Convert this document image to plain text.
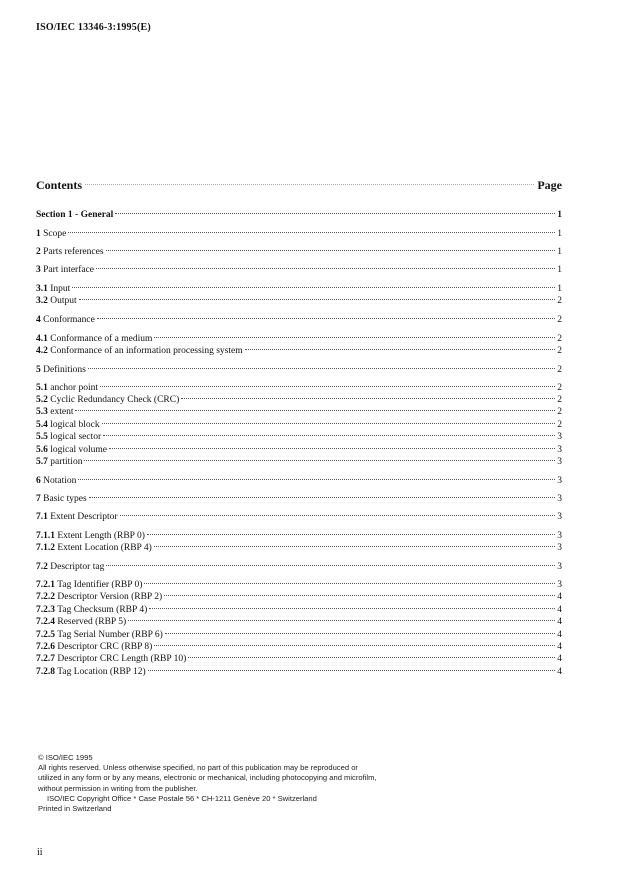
ISO/IEC 13346-3:1995(E)
Contents	Page
Section 1 - General	1
1 Scope	1
2 Parts references	1
3 Part interface	1
3.1 Input	1
3.2 Output	2
4 Conformance	2
4.1 Conformance of a medium	2
4.2 Conformance of an information processing system	2
5 Definitions	2
5.1 anchor point	2
5.2 Cyclic Redundancy Check (CRC)	2
5.3 extent	2
5.4 logical block	2
5.5 logical sector	3
5.6 logical volume	3
5.7 partition	3
6 Notation	3
7 Basic types	3
7.1 Extent Descriptor	3
7.1.1 Extent Length (RBP 0)	3
7.1.2 Extent Location (RBP 4)	3
7.2 Descriptor tag	3
7.2.1 Tag Identifier (RBP 0)	3
7.2.2 Descriptor Version (RBP 2)	4
7.2.3 Tag Checksum (RBP 4)	4
7.2.4 Reserved (RBP 5)	4
7.2.5 Tag Serial Number (RBP 6)	4
7.2.6 Descriptor CRC (RBP 8)	4
7.2.7 Descriptor CRC Length (RBP 10)	4
7.2.8 Tag Location (RBP 12)	4
© ISO/IEC 1995
All rights reserved. Unless otherwise specified, no part of this publication may be reproduced or
utilized in any form or by any means, electronic or mechanical, including photocopying and microfilm,
without permission in writing from the publisher.
ISO/IEC Copyright Office * Case Postale 56 * CH-1211 Genève 20 * Switzerland
Printed in Switzerland
ii
